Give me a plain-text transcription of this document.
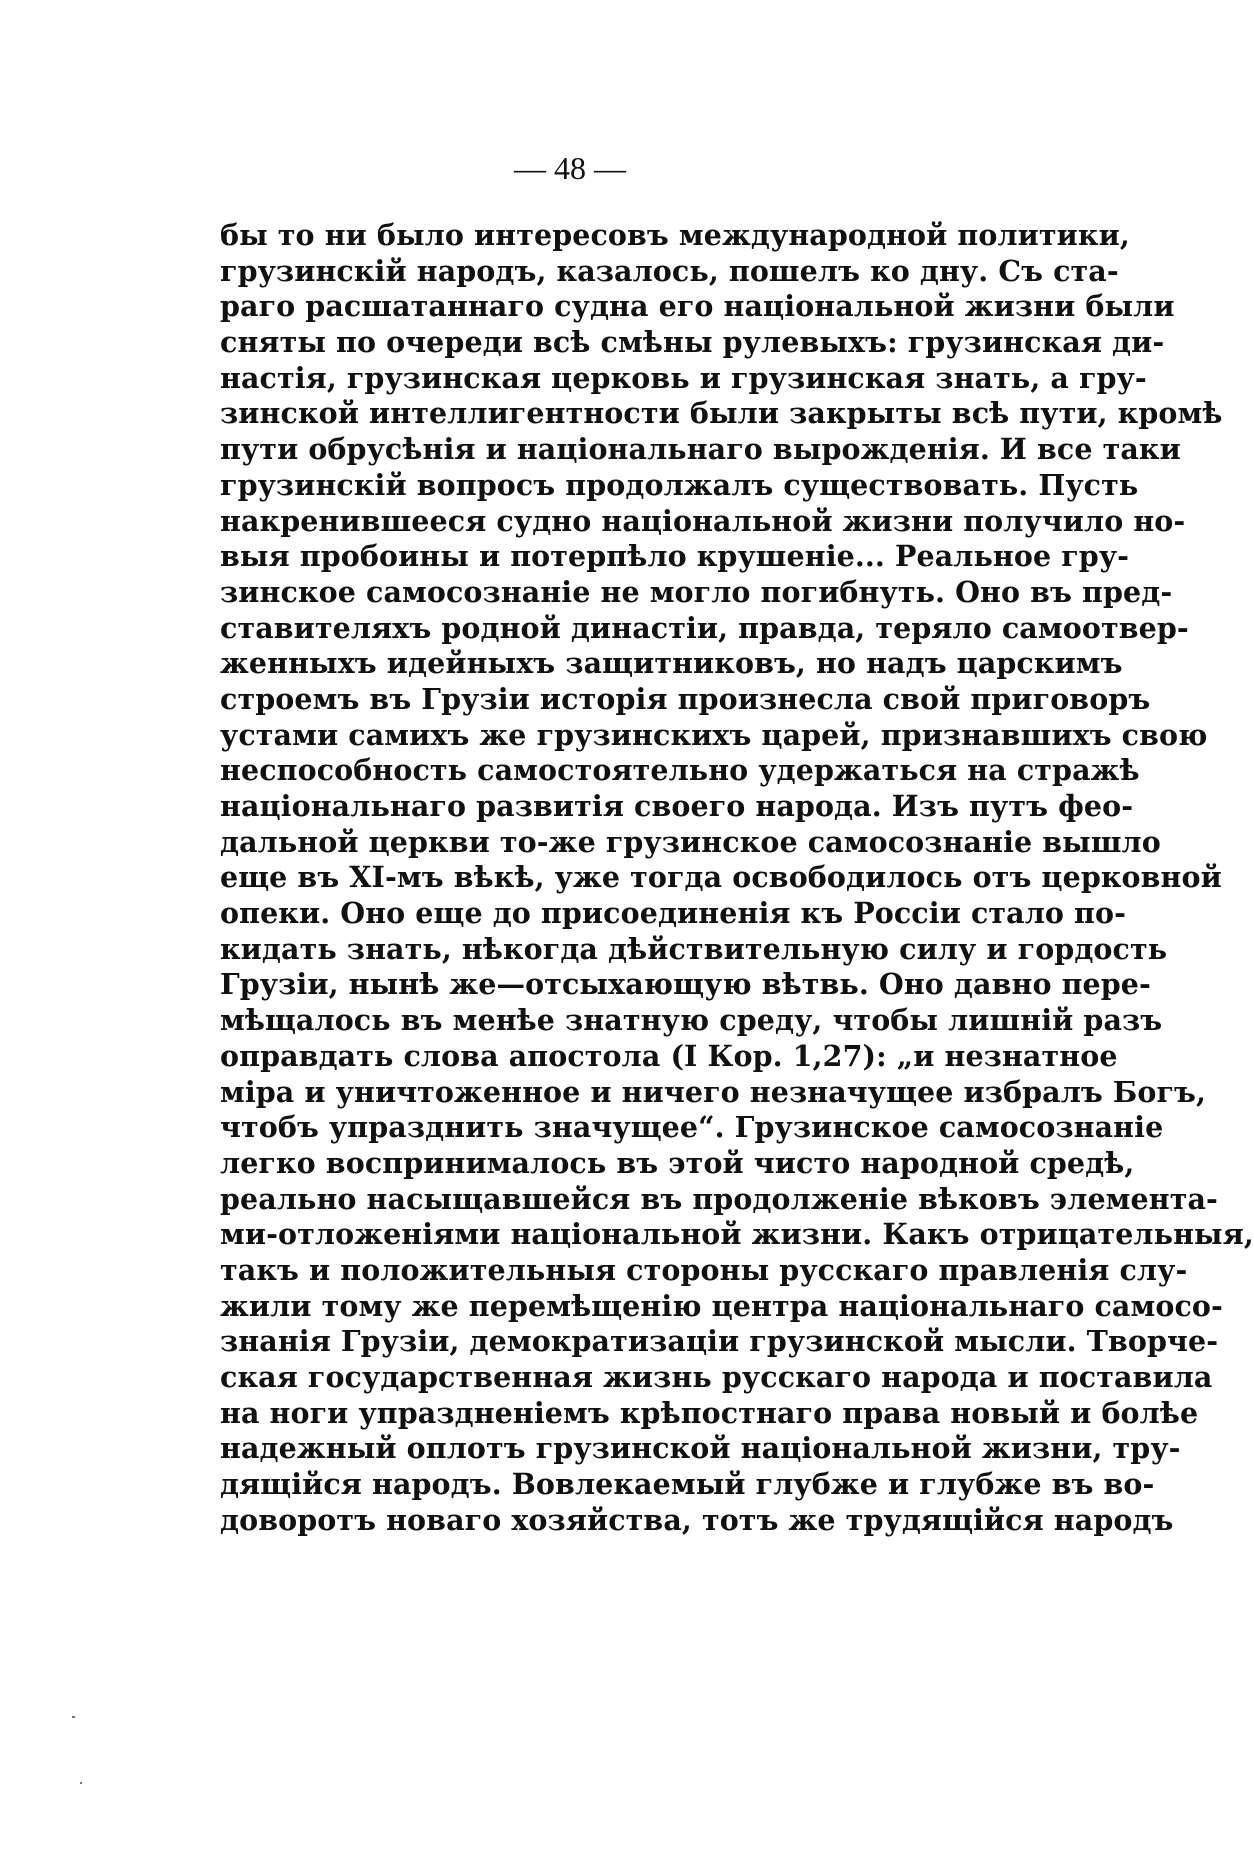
— 48 —
бы то ни было интересовъ международной политики,
грузинскій народъ, казалось, пошелъ ко дну. Съ ста-
раго расшатаннаго судна его національной жизни были
сняты по очереди всѣ смѣны рулевыхъ: грузинская ди-
настія, грузинская церковь и грузинская знать, а гру-
зинской интеллигентности были закрыты всѣ пути, кромѣ
пути обрусѣнія и національнаго вырожденія. И все таки
грузинскій вопросъ продолжалъ существовать. Пусть
накренившееся судно національной жизни получило но-
выя пробоины и потерпѣло крушеніе... Реальное гру-
зинское самосознаніе не могло погибнуть. Оно въ пред-
ставителяхъ родной династіи, правда, теряло самоотвер-
женныхъ идейныхъ защитниковъ, но надъ царскимъ
строемъ въ Грузіи исторія произнесла свой приговоръ
устами самихъ же грузинскихъ царей, признавшихъ свою
неспособность самостоятельно удержаться на стражѣ
національнаго развитія своего народа. Изъ путъ фео-
дальной церкви то-же грузинское самосознаніе вышло
еще въ XI-мъ вѣкѣ, уже тогда освободилось отъ церковной
опеки. Оно еще до присоединенія къ Россіи стало по-
кидать знать, нѣкогда дѣйствительную силу и гордость
Грузіи, нынѣ же—отсыхающую вѣтвь. Оно давно пере-
мѣщалось въ менѣе знатную среду, чтобы лишній разъ
оправдать слова апостола (I Кор. 1,27): „и незнатное
міра и уничтоженное и ничего незначущее избралъ Богъ,
чтобъ упразднить значущее“. Грузинское самосознаніе
легко воспринималось въ этой чисто народной средѣ,
реально насыщавшейся въ продолженіе вѣковъ элемента-
ми-отложеніями національной жизни. Какъ отрицательныя,
такъ и положительныя стороны русскаго правленія слу-
жили тому же перемѣщенію центра національнаго самосо-
знанія Грузіи, демократизаціи грузинской мысли. Творче-
ская государственная жизнь русскаго народа и поставила
на ноги упраздненіемъ крѣпостнаго права новый и болѣе
надежный оплотъ грузинской національной жизни, тру-
дящійся народъ. Вовлекаемый глубже и глубже въ во-
доворотъ новаго хозяйства, тотъ же трудящійся народъ
